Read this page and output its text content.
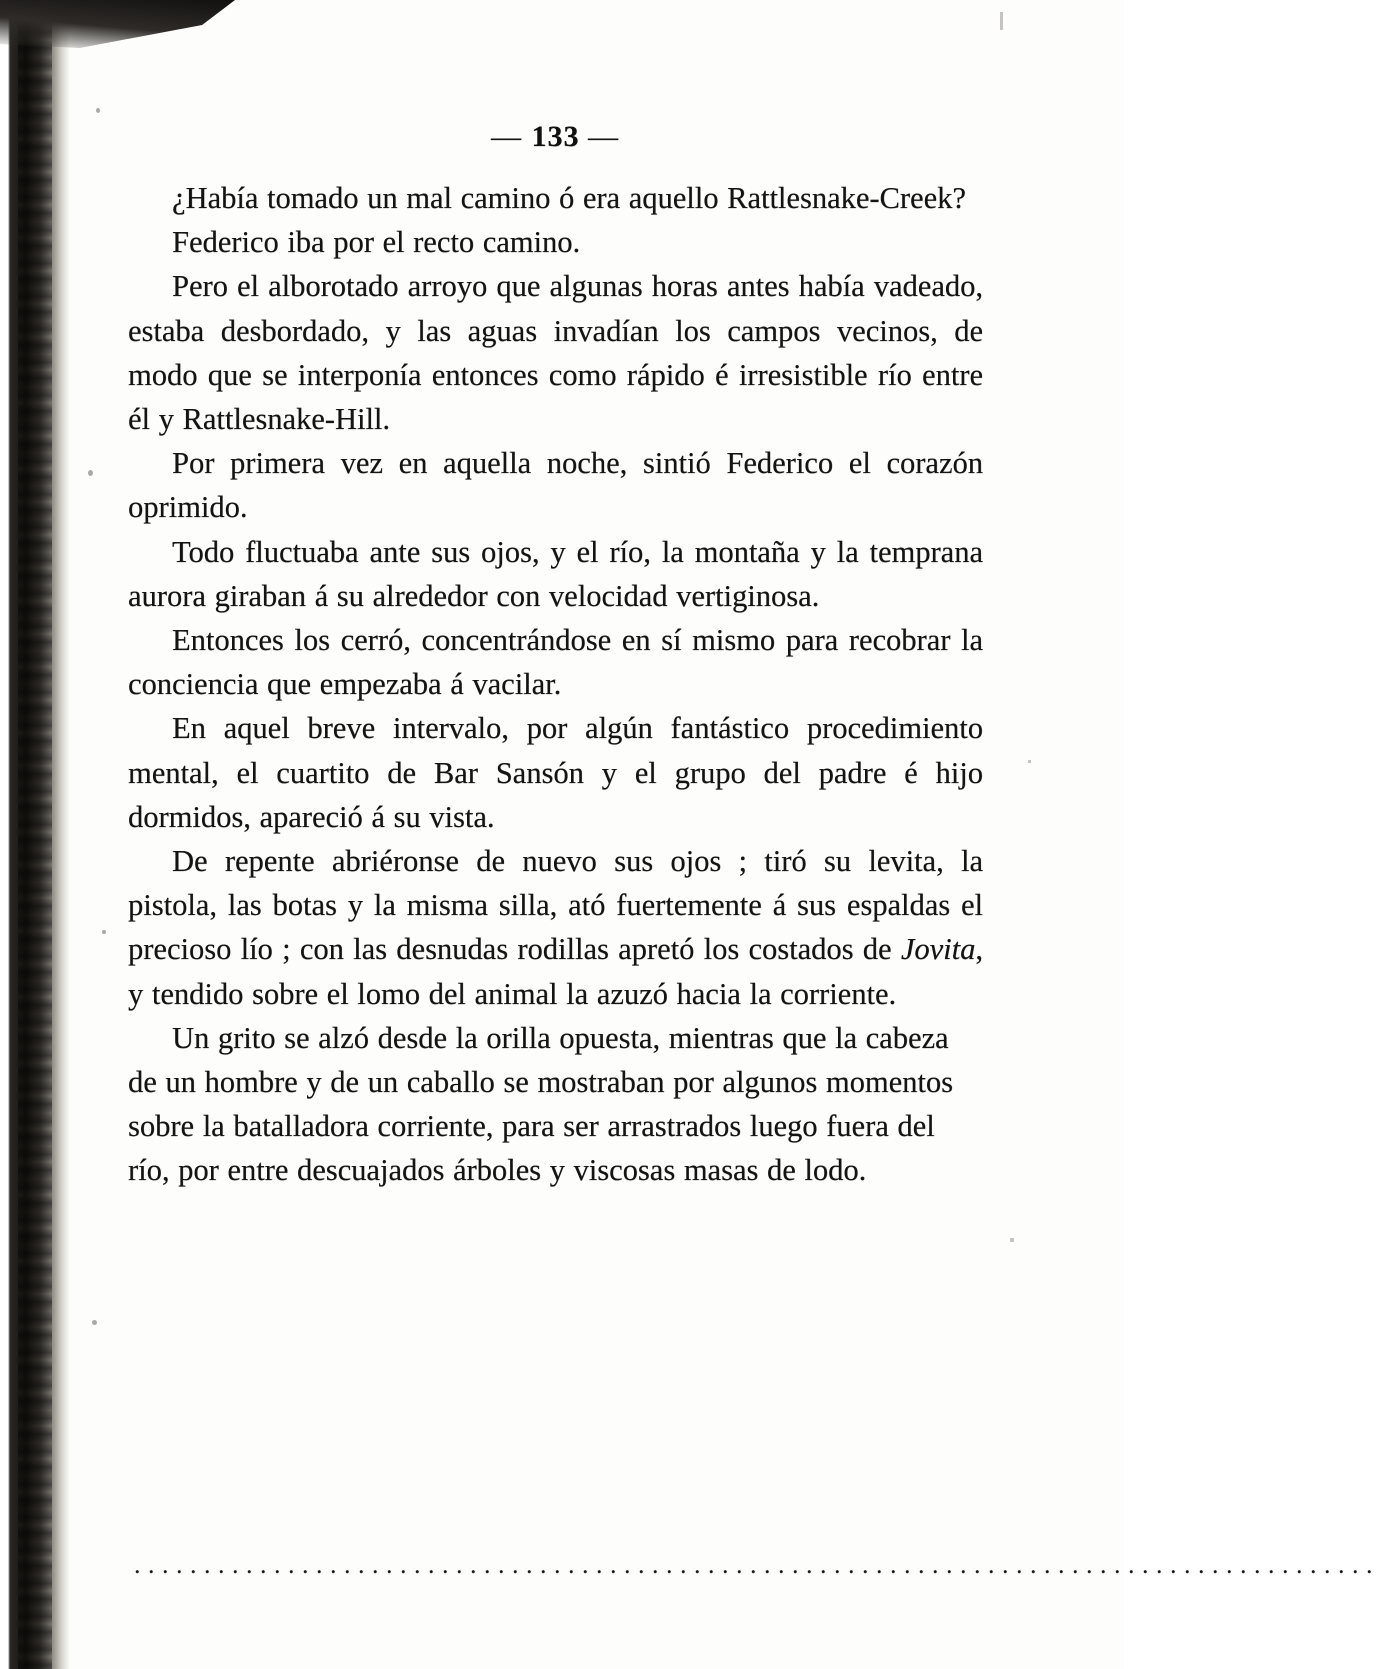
— 133 —

¿Había tomado un mal camino ó era aquello Rattlesnake-Creek?

Federico iba por el recto camino.

Pero el alborotado arroyo que algunas horas antes había vadeado, estaba desbordado, y las aguas invadían los campos vecinos, de modo que se interponía entonces como rápido é irresistible río entre él y Rattlesnake-Hill.

Por primera vez en aquella noche, sintió Federico el corazón oprimido.

Todo fluctuaba ante sus ojos, y el río, la montaña y la temprana aurora giraban á su alrededor con velocidad vertiginosa.

Entonces los cerró, concentrándose en sí mismo para recobrar la conciencia que empezaba á vacilar.

En aquel breve intervalo, por algún fantástico procedimiento mental, el cuartito de Bar Sansón y el grupo del padre é hijo dormidos, apareció á su vista.

De repente abriéronse de nuevo sus ojos ; tiró su levita, la pistola, las botas y la misma silla, ató fuertemente á sus espaldas el precioso lío ; con las desnudas rodillas apretó los costados de Jovita, y tendido sobre el lomo del animal la azuzó hacia la corriente.

Un grito se alzó desde la orilla opuesta, mientras que la cabeza de un hombre y de un caballo se mostraban por algunos momentos sobre la batalladora corriente, para ser arrastrados luego fuera del río, por entre descuajados árboles y viscosas masas de lodo.

.........................................................................................
